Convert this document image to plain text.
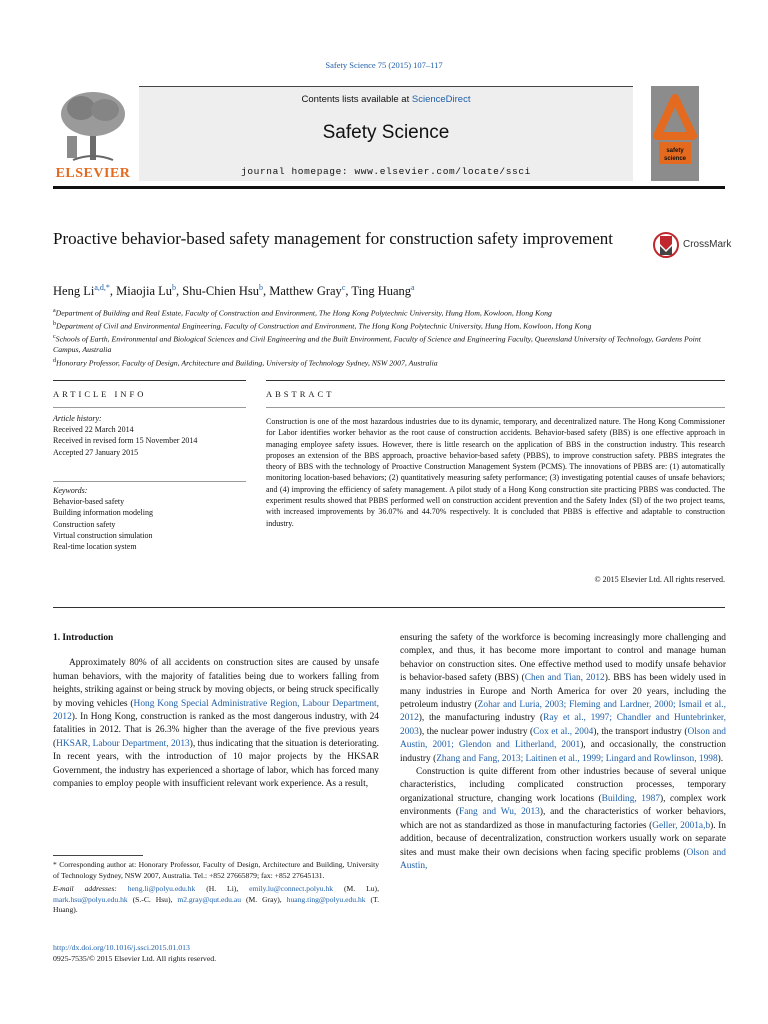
Safety Science 75 (2015) 107–117
ELSEVIER
Contents lists available at ScienceDirect
Safety Science
journal homepage: www.elsevier.com/locate/ssci
safety
science
Proactive behavior-based safety management for construction safety improvement	CrossMark
Heng $Li^{a,d,*}$, Miaojia Lu$^b$, Shu-Chien Hsu$^b$, Matthew Gray$^c$, Ting Huang$^a$
$^a$Department of Building and Real Estate, Faculty of Construction and Environment, The Hong Kong Polytechnic University, Hung Hom, Kowloon, Hong Kong
$^b$Department of Civil and Environmental Engineering, Faculty of Construction and Environment, The Hong Kong Polytechnic University, Hung Hom, Kowloon, Hong Kong
$^c$Schools of Earth, Environmental and Biological Sciences and Civil Engineering and the Built Environment, Faculty of Science and Engineering Faculty, Queensland University of Technology, Gardens Point Campus, Australia
$^d$Honorary Professor, Faculty of Design, Architecture and Building, University of Technology Sydney, NSW 2007, Australia
ARTICLE INFO	ABSTRACT
Article history:
Received 22 March 2014
Received in revised form 15 November 2014
Accepted 27 January 2015
Keywords:
Behavior-based safety
Building information modeling
Construction safety
Virtual construction simulation
Real-time location system
Construction is one of the most hazardous industries due to its dynamic, temporary, and decentralized nature. The Hong Kong Commissioner for Labor identifies worker behavior as the root cause of construction accidents. Behavior-based safety (BBS) is one effective approach in managing employee safety issues. However, there is little research on the application of BBS in the construction industry. This research proposes an extension of the BBS approach, proactive behavior-based safety (PBBS), to improve construction safety. PBBS integrates the theory of BBS with the technology of Proactive Construction Management System (PCMS). The innovations of PBBS are: (1) automatically monitoring location-based behaviors; (2) quantitatively measuring safety performance; (3) investigating potential causes of unsafe behaviors; and (4) improving the efficiency of safety management. A pilot study of a Hong Kong construction site practicing PBBS was conducted. The experiment results showed that PBBS performed well on construction accident prevention and the Safety Index (SI) of the two project teams, with increased improvements by 36.07% and 44.70% respectively. It is concluded that PBBS is effective and adaptable to construction industry.
© 2015 Elsevier Ltd. All rights reserved.
1. Introduction

Approximately 80% of all accidents on construction sites are caused by unsafe human behaviors, with the majority of fatalities being due to workers falling from heights, striking against or being struck by moving objects, or being struck specifically by moving vehicles (Hong Kong Special Administrative Region, Labour Department, 2012). In Hong Kong, construction is ranked as the most dangerous industry, with 24 fatalities in 2012. That is 26.3% higher than the average of the five previous years (HKSAR, Labour Department, 2013), thus indicating that the situation is deteriorating. In recent years, with the introduction of 10 major projects by the HKSAR Government, the industry has experienced a shortage of labor, which has forced many companies to employ people with insufficient relevant work experience. As a result,

ensuring the safety of the workforce is becoming increasingly more challenging and complex, and thus, it has become more important to control and manage human behavior on construction sites. One effective method used to modify unsafe behavior is behavior-based safety (BBS) (Chen and Tian, 2012). BBS has been widely used in many industries in Europe and North America for over 20 years, including the petroleum industry (Zohar and Luria, 2003; Fleming and Lardner, 2000; Ismail et al., 2012), the manufacturing industry (Ray et al., 1997; Chandler and Huntebrinker, 2003), the nuclear power industry (Cox et al., 2004), the transport industry (Olson and Austin, 2001; Glendon and Litherland, 2001), and occasionally, the construction industry (Zhang and Fang, 2013; Laitinen et al., 1999; Lingard and Rowlinson, 1998).

Construction is quite different from other industries because of several unique characteristics, including complicated construction processes, temporary organizational structure, changing work locations (Building, 1987), complex work environments (Fang and Wu, 2013), and the characteristics of worker behaviors, which are not as standardized as those in manufacturing factories (Geller, 2001a,b). In addition, because of decentralization, construction workers usually work on separate sites and must make their own decisions when facing specific problems (Olson and Austin,

* Corresponding author at: Honorary Professor, Faculty of Design, Architecture and Building, University of Technology Sydney, NSW 2007, Australia. Tel.: +852 27665879; fax: +852 27645131.

E-mail addresses: heng.li@polyu.edu.hk (H. Li), emily.lu@connect.polyu.hk (M. Lu), mark.hsu@polyu.edu.hk (S.-C. Hsu), m2.gray@qut.edu.au (M. Gray), huang.ting@polyu.edu.hk (T. Huang).

http://dx.doi.org/10.1016/j.ssci.2015.01.013
0925-7535/© 2015 Elsevier Ltd. All rights reserved.
